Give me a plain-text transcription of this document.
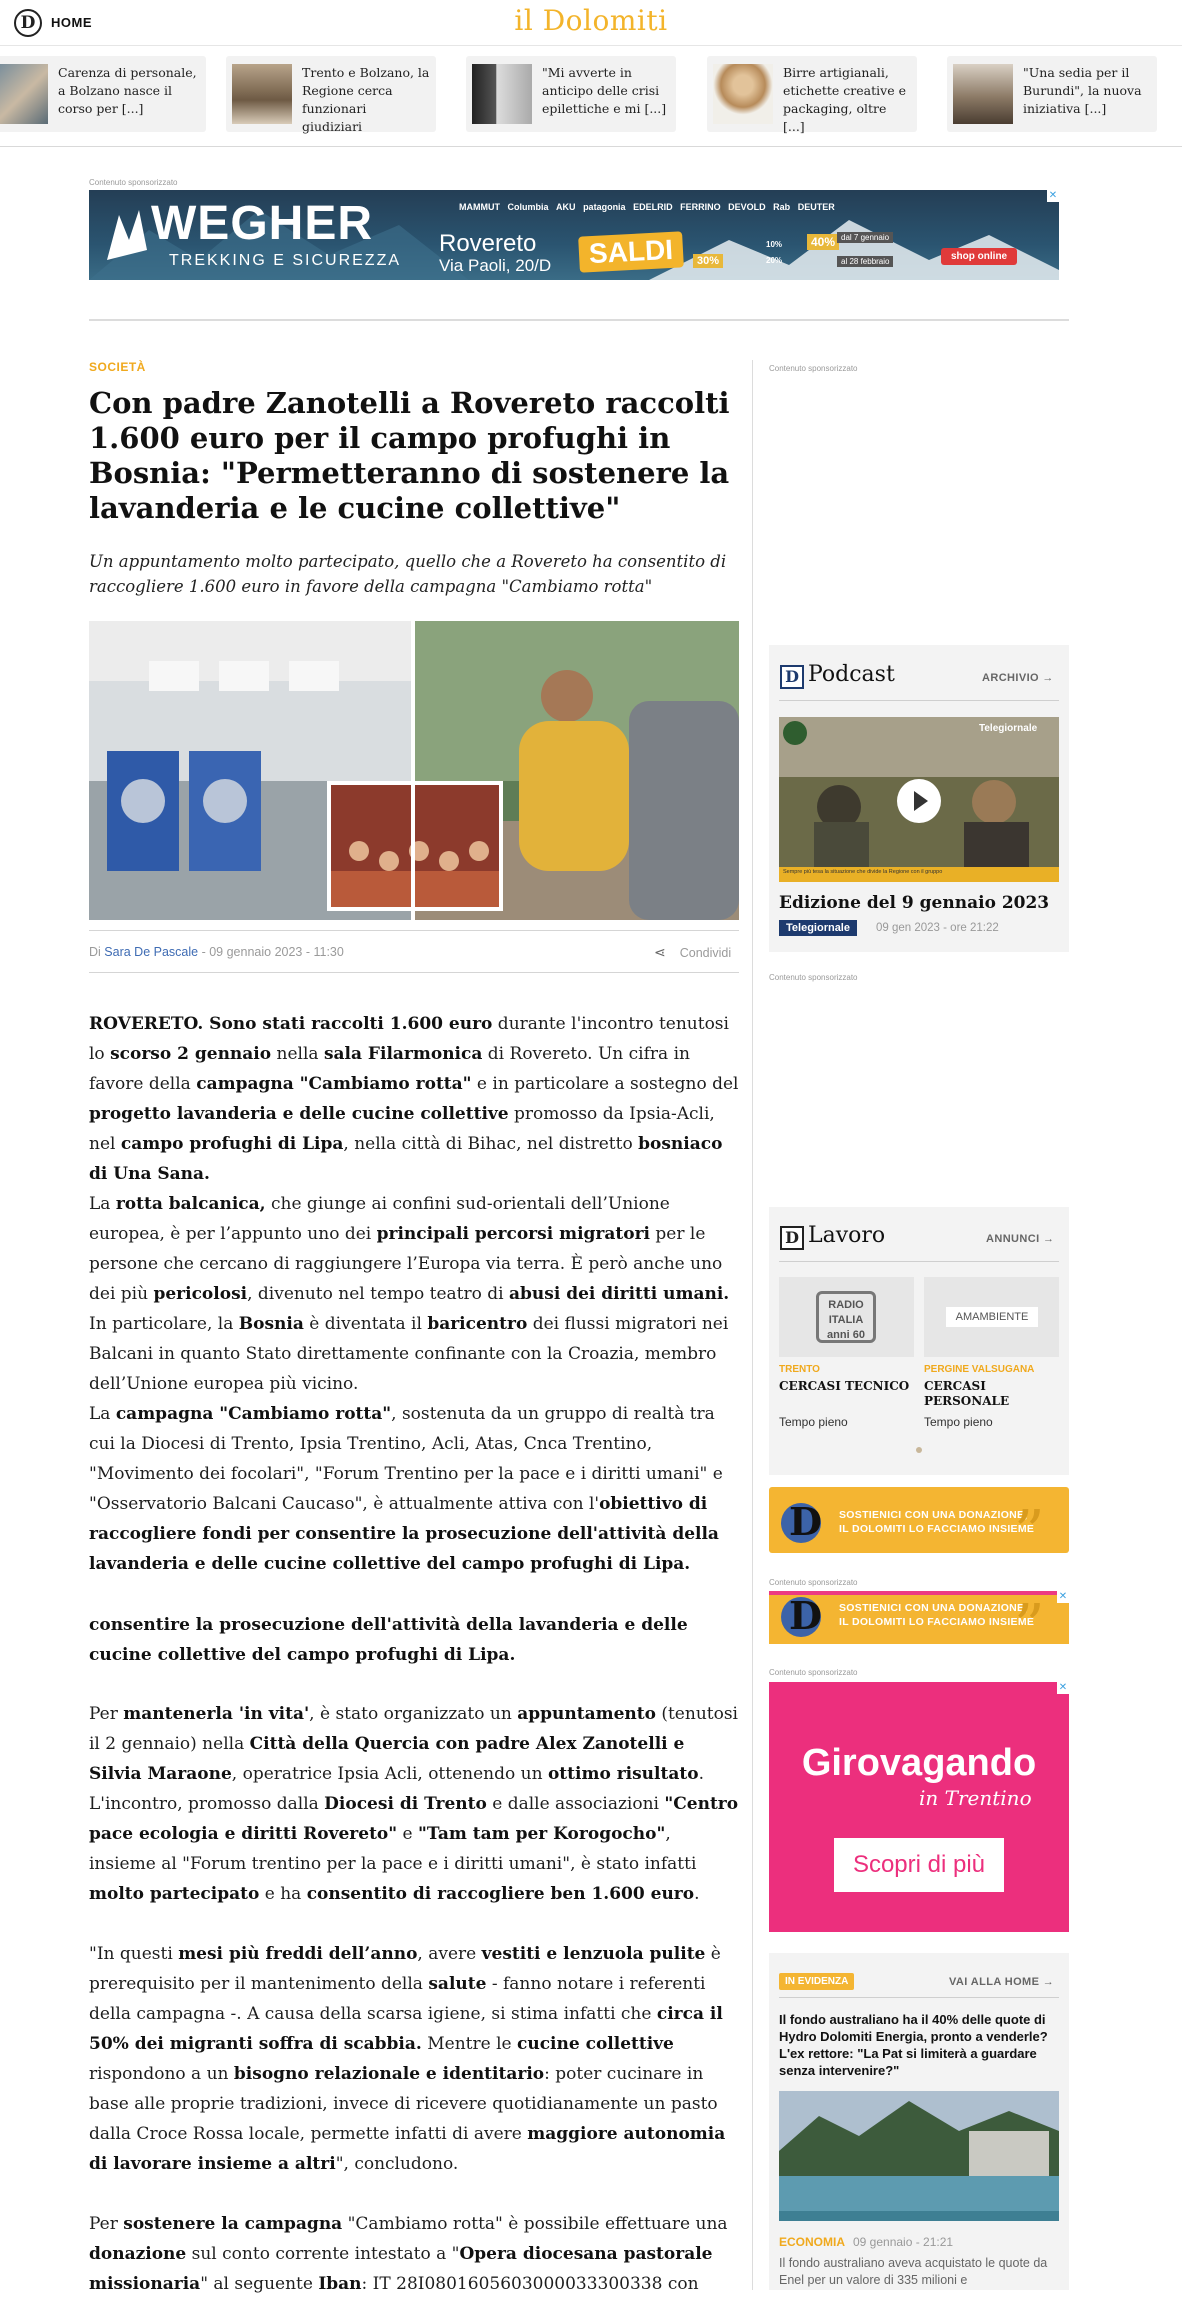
D	HOME	il Dolomiti
Carenza di personale, a Bolzano nasce il corso per [...]
Trento e Bolzano, la Regione cerca funzionari giudiziari
"Mi avverte in anticipo delle crisi epilettiche e mi [...]
Birre artigianali, etichette creative e packaging, oltre [...]
"Una sedia per il Burundi", la nuova iniziativa [...]
Contenuto sponsorizzato
WEGHER
TREKKING E SICUREZZA
Rovereto
Via Paoli, 20/D	SALDI	30%
10%
20%
40%
MAMMUT Columbia AKU patagonia EDELRID FERRINO DEVOLD Rab DEUTER
dal 7 gennaio
al 28 febbraio	shop online
✕
SOCIETÀ
Con padre Zanotelli a Rovereto raccolti 1.600 euro per il campo profughi in Bosnia: "Permetteranno di sostenere la lavanderia e le cucine collettive"

Un appuntamento molto partecipato, quello che a Rovereto ha consentito di raccogliere 1.600 euro in favore della campagna "Cambiamo rotta"

Di Sara De Pascale - 09 gennaio 2023 - 11:30	⋖ Condividi

ROVERETO. Sono stati raccolti 1.600 euro durante l'incontro tenutosi lo scorso 2 gennaio nella sala Filarmonica di Rovereto. Un cifra in favore della campagna "Cambiamo rotta" e in particolare a sostegno del progetto lavanderia e delle cucine collettive promosso da Ipsia-Acli, nel campo profughi di Lipa, nella città di Bihac, nel distretto bosniaco di Una Sana.

La rotta balcanica, che giunge ai confini sud-orientali dell’Unione europea, è per l’appunto uno dei principali percorsi migratori per le persone che cercano di raggiungere l’Europa via terra. È però anche uno dei più pericolosi, divenuto nel tempo teatro di abusi dei diritti umani. In particolare, la Bosnia è diventata il baricentro dei flussi migratori nei Balcani in quanto Stato direttamente confinante con la Croazia, membro dell’Unione europea più vicino.

La campagna "Cambiamo rotta", sostenuta da un gruppo di realtà tra cui la Diocesi di Trento, Ipsia Trentino, Acli, Atas, Cnca Trentino, "Movimento dei focolari", "Forum Trentino per la pace e i diritti umani" e "Osservatorio Balcani Caucaso", è attualmente attiva con l'obiettivo di raccogliere fondi per consentire la prosecuzione dell'attività della lavanderia e delle cucine collettive del campo profughi di Lipa.

consentire la prosecuzione dell'attività della lavanderia e delle cucine collettive del campo profughi di Lipa.

Per mantenerla 'in vita', è stato organizzato un appuntamento (tenutosi il 2 gennaio) nella Città della Quercia con padre Alex Zanotelli e Silvia Maraone, operatrice Ipsia Acli, ottenendo un ottimo risultato. L'incontro, promosso dalla Diocesi di Trento e dalle associazioni "Centro pace ecologia e diritti Rovereto" e "Tam tam per Korogocho", insieme al "Forum trentino per la pace e i diritti umani", è stato infatti molto partecipato e ha consentito di raccogliere ben 1.600 euro.

"In questi mesi più freddi dell’anno, avere vestiti e lenzuola pulite è prerequisito per il mantenimento della salute - fanno notare i referenti della campagna -. A causa della scarsa igiene, si stima infatti che circa il 50% dei migranti soffra di scabbia. Mentre le cucine collettive rispondono a un bisogno relazionale e identitario: poter cucinare in base alle proprie tradizioni, invece di ricevere quotidianamente un pasto dalla Croce Rossa locale, permette infatti di avere maggiore autonomia di lavorare insieme a altri", concludono.

Per sostenere la campagna "Cambiamo rotta" è possibile effettuare una donazione sul conto corrente intestato a "Opera diocesana pastorale missionaria" al seguente Iban: IT 28I0801605603000033300338 con

Contenuto sponsorizzato
D Podcast	ARCHIVIO →
Telegiornale
Sempre più tesa la situazione che divide la Regione con il gruppo
Edizione del 9 gennaio 2023
Telegiornale	09 gen 2023 - ore 21:22
Contenuto sponsorizzato
D Lavoro	ANNUNCI →
RADIO ITALIA anni 60
TRENTO
CERCASI TECNICO
Tempo pieno
AMAMBIENTE
PERGINE VALSUGANA
CERCASI PERSONALE
Tempo pieno
D SOSTIENICI CON UNA DONAZIONE,
IL DOLOMITI LO FACCIAMO INSIEME
”
Contenuto sponsorizzato
D SOSTIENICI CON UNA DONAZIONE,
IL DOLOMITI LO FACCIAMO INSIEME
” ✕
Contenuto sponsorizzato
Girovagando
in Trentino
Scopri di più
✕
IN EVIDENZA	VAI ALLA HOME →
Il fondo australiano ha il 40% delle quote di Hydro Dolomiti Energia, pronto a venderle? L'ex rettore: "La Pat si limiterà a guardare senza intervenire?"
ECONOMIA 09 gennaio - 21:21
Il fondo australiano aveva acquistato le quote da Enel per un valore di 335 milioni e
